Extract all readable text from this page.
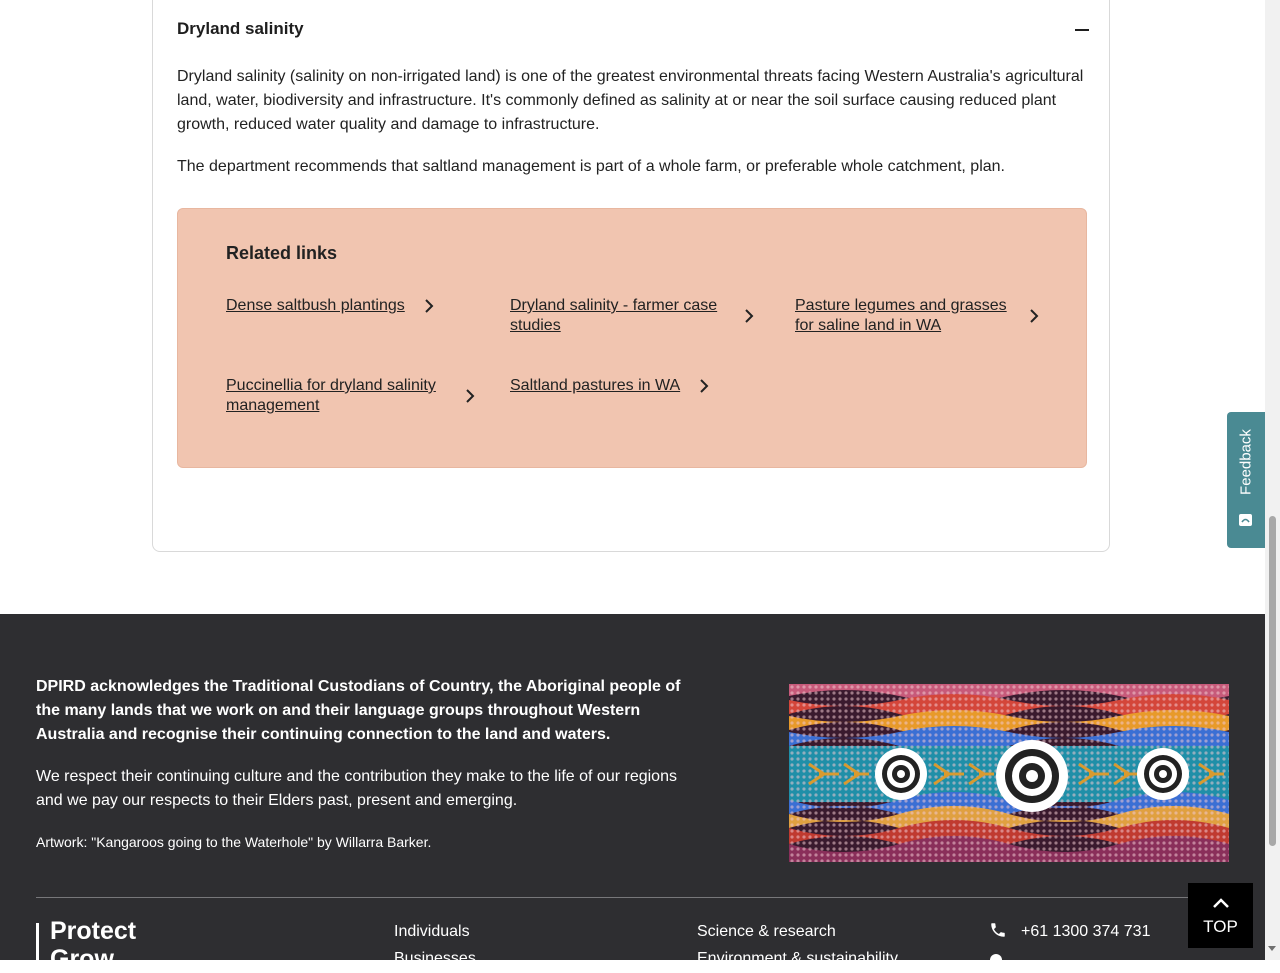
Dryland salinity

Dryland salinity (salinity on non-irrigated land) is one of the greatest environmental threats facing Western Australia's agricultural land, water, biodiversity and infrastructure. It's commonly defined as salinity at or near the soil surface causing reduced plant growth, reduced water quality and damage to infrastructure.

The department recommends that saltland management is part of a whole farm, or preferable whole catchment, plan.

Related links
Dense saltbush plantings	Dryland salinity - farmer case studies
Pasture legumes and grasses for saline land in WA
Puccinellia for dryland salinity management
Saltland pastures in WA

DPIRD acknowledges the Traditional Custodians of Country, the Aboriginal people of the many lands that we work on and their language groups throughout Western Australia and recognise their continuing connection to the land and waters.

We respect their continuing culture and the contribution they make to the life of our regions and we pay our respects to their Elders past, present and emerging.

Artwork: "Kangaroos going to the Waterhole" by Willarra Barker.

Protect Grow
Individuals
Businesses
Science & research
Environment & sustainability
+61 1300 374 731	TOP
Feedback
